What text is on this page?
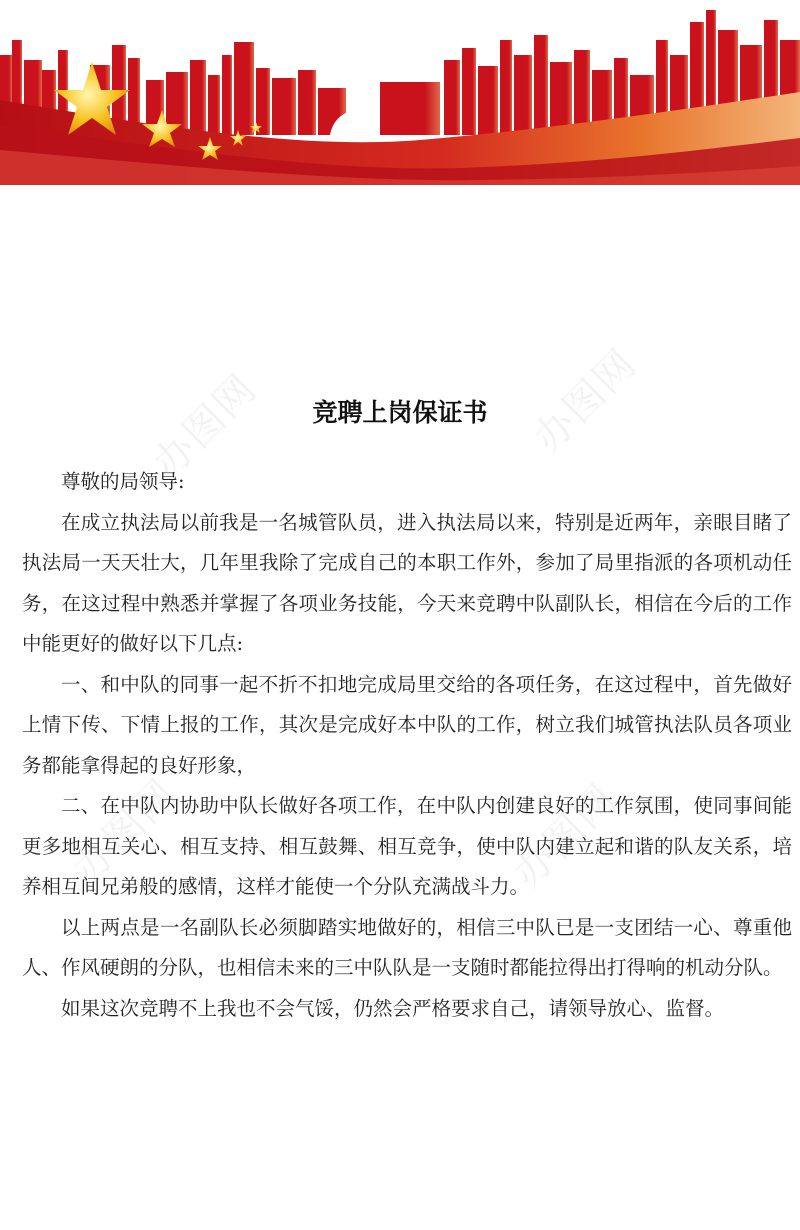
办图网	办图网
办图网	办图网
竞聘上岗保证书

尊敬的局领导:

在成立执法局以前我是一名城管队员，进入执法局以来，特别是近两年，亲眼目睹了执法局一天天壮大，几年里我除了完成自己的本职工作外，参加了局里指派的各项机动任务，在这过程中熟悉并掌握了各项业务技能，今天来竞聘中队副队长，相信在今后的工作中能更好的做好以下几点:

一、和中队的同事一起不折不扣地完成局里交给的各项任务，在这过程中，首先做好上情下传、下情上报的工作，其次是完成好本中队的工作，树立我们城管执法队员各项业务都能拿得起的良好形象，

二、在中队内协助中队长做好各项工作，在中队内创建良好的工作氛围，使同事间能更多地相互关心、相互支持、相互鼓舞、相互竞争，使中队内建立起和谐的队友关系，培养相互间兄弟般的感情，这样才能使一个分队充满战斗力。

以上两点是一名副队长必须脚踏实地做好的，相信三中队已是一支团结一心、尊重他人、作风硬朗的分队，也相信未来的三中队队是一支随时都能拉得出打得响的机动分队。

如果这次竞聘不上我也不会气馁，仍然会严格要求自己，请领导放心、监督。
